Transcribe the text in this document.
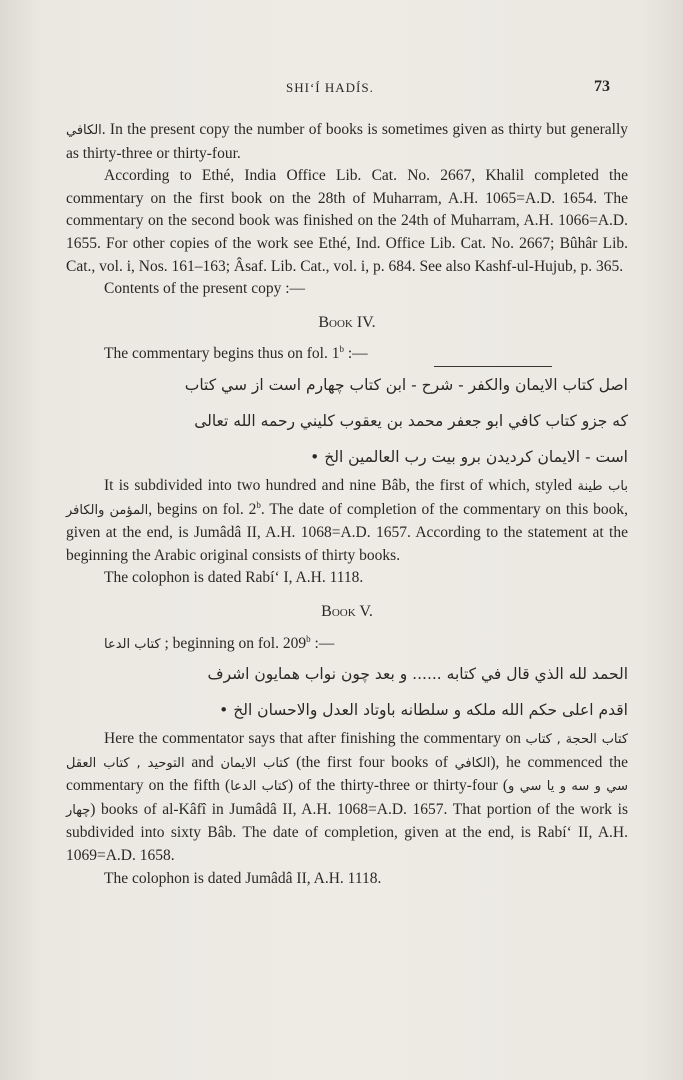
SHI‘Í HADÍS.	73

الكافي. In the present copy the number of books is sometimes given as thirty but generally as thirty-three or thirty-four.

According to Ethé, India Office Lib. Cat. No. 2667, Khalil completed the commentary on the first book on the 28th of Muharram, A.H. 1065=A.D. 1654. The commentary on the second book was finished on the 24th of Muharram, A.H. 1066=A.D. 1655. For other copies of the work see Ethé, Ind. Office Lib. Cat. No. 2667; Bûhâr Lib. Cat., vol. i, Nos. 161–163; Âsaf. Lib. Cat., vol. i, p. 684. See also Kashf-ul-Hujub, p. 365.

Contents of the present copy :—

Book IV.

The commentary begins thus on fol. 1$^b$ :—

اصل كتاب الايمان والكفر - شرح - ابن كتاب چهارم است از سي كتاب
كه جزو كتاب كافي ابو جعفر محمد بن يعقوب كليني رحمه الله تعالى
است - الايمان كرديدن برو بيت رب العالمين الخ •

It is subdivided into two hundred and nine Bâb, the first of which, styled باب طينة المؤمن والكافر, begins on fol. 2$^b$. The date of completion of the commentary on this book, given at the end, is Jumâdâ II, A.H. 1068=A.D. 1657. According to the statement at the beginning the Arabic original consists of thirty books.

The colophon is dated Rabí‘ I, A.H. 1118.

Book V.

كتاب الدعا ; beginning on fol. 209$^b$ :—

الحمد لله الذي قال في كتابه ...... و بعد چون نواب همايون اشرف
اقدم اعلى حكم الله ملكه و سلطانه باوتاد العدل والاحسان الخ •

Here the commentator says that after finishing the commentary on كتاب الحجة , كتاب التوحيد , كتاب العقل and كتاب الايمان (the first four books of الكافي), he commenced the commentary on the fifth (كتاب الدعا) of the thirty-three or thirty-four (سي و سه و يا سي و چهار) books of al-Kâfî in Jumâdâ II, A.H. 1068=A.D. 1657. That portion of the work is subdivided into sixty Bâb. The date of completion, given at the end, is Rabí‘ II, A.H. 1069=A.D. 1658.

The colophon is dated Jumâdâ II, A.H. 1118.
